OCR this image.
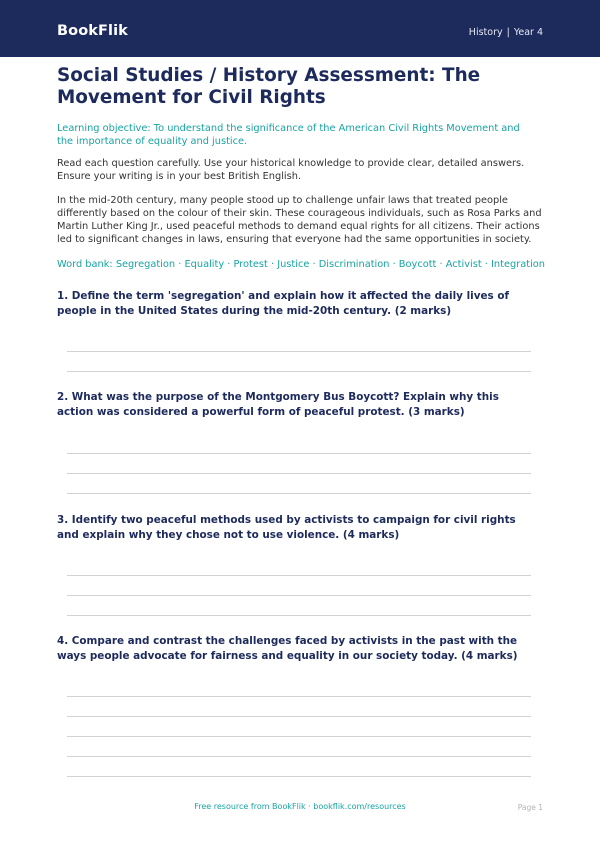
BookFlik	History | Year 4
Social Studies / History Assessment: The Movement for Civil Rights

Learning objective: To understand the significance of the American Civil Rights Movement and the importance of equality and justice.

Read each question carefully. Use your historical knowledge to provide clear, detailed answers. Ensure your writing is in your best British English.

In the mid-20th century, many people stood up to challenge unfair laws that treated people differently based on the colour of their skin. These courageous individuals, such as Rosa Parks and Martin Luther King Jr., used peaceful methods to demand equal rights for all citizens. Their actions led to significant changes in laws, ensuring that everyone had the same opportunities in society.

Word bank: Segregation · Equality · Protest · Justice · Discrimination · Boycott · Activist · Integration

1. Define the term 'segregation' and explain how it affected the daily lives of people in the United States during the mid-20th century. (2 marks)

2. What was the purpose of the Montgomery Bus Boycott? Explain why this action was considered a powerful form of peaceful protest. (3 marks)

3. Identify two peaceful methods used by activists to campaign for civil rights and explain why they chose not to use violence. (4 marks)

4. Compare and contrast the challenges faced by activists in the past with the ways people advocate for fairness and equality in our society today. (4 marks)

Free resource from BookFlik · bookflik.com/resources	Page 1
